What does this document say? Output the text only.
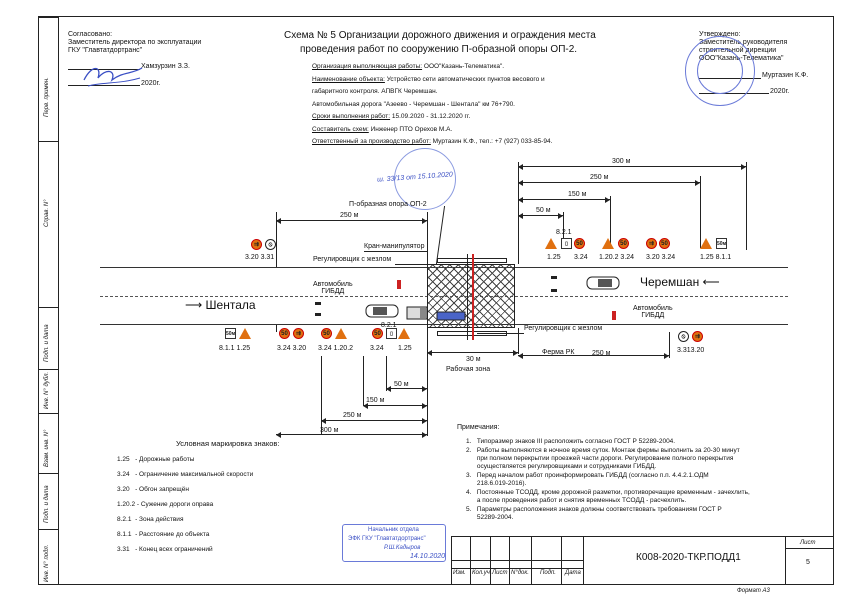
Перв. примен.
Справ. N°
Подп. и дата
Инв. N° дубл.
Взам. инв. N°
Подп. и дата
Инв. N° подл.
Согласовано:
Заместитель директора по эксплуатации
ГКУ "Главтатдортранс"
Хамзурзин З.З.
2020г.
Схема № 5 Организации дорожного движения и ограждения места
проведения работ по сооружению П-образной опоры ОП-2.
Организация выполняющая работы: ООО"Казань-Телематика".
Наименование объекта: Устройство сети автоматических пунктов весового и
габаритного контроля. АПВГК Черемшан.
Автомобильная дорога "Азеево - Черемшан - Шентала" км 76+790.
Сроки выполнения работ: 15.09.2020 - 31.12.2020 гг.
Составитель схем: Инженер ПТО Орехов М.А.
Ответственный за производство работ: Муртазин К.Ф., тел.: +7 (927) 033-85-94.
Утверждено:
Заместитель руководителя
строительной дирекции
ООО"Казань-Телематика"
Муртазин К.Ф.
2020г.
ш. 33/13 от 15.10.2020
250 м
300 м
250 м
150 м
50 м
П-образная опора ОП-2
Кран-манипулятор
Регулировщик с жезлом
⟶ Шентала
Черемшан ⟵
Автомобиль
ГИБДД
Автомобиль
ГИБДД
⇉	⦸
3.20 3.31
▯	50	50	⇉	50	50м
8.2.1
1.25 3.24 1.20.2 3.24 3.20 3.24	1.25 8.1.1
50м	50	⇉	50	50	▯
8.2.1
8.1.1 1.25	3.24 3.20 3.24 1.20.2 3.24 1.25
⦸	⇉
3.313.20
Регулировщик с жезлом
Ферма РК
30 м
Рабочая зона
250 м
50 м
150 м
250 м
300 м
Условная маркировка знаков:
1.25   - Дорожные работы
3.24   - Ограничение максимальной скорости
3.20   - Обгон запрещён
1.20.2 - Сужение дороги оправа
8.2.1  - Зона действия
8.1.1  - Расстояние до объекта
3.31   - Конец всех ограничений
Примечания:
1.   Типоразмер знаков III расположить согласно ГОСТ Р 52289-2004.
2.   Работы выполняются в ночное время суток. Монтаж фермы выполнить за 20-30 минут
при полном перекрытии проезжей части дороги. Регулирование полного перекрытия
осуществляется регулировщиками и сотрудниками ГИБДД.
3.   Перед началом работ проинформировать ГИБДД (согласно п.п. 4.4.2.1.ОДМ
218.6.019-2016).
4.   Постоянные ТСОДД, кроме дорожной разметки, противоречащие временным - зачехлить,
а после проведения работ и снятия временных ТСОДД - расчехлить.
5.   Параметры расположения знаков должны соответствовать требованиям ГОСТ Р
52289-2004.
Начальник отдела
ЭФК ГКУ "Главтатдортранс"
Р.Ш.Кадыров
14.10.2020
Изм. Кол.уч Лист N°док. Подп. Дата
К008-2020-ТКР.ПОДД1
Лист
5
Формат А3
